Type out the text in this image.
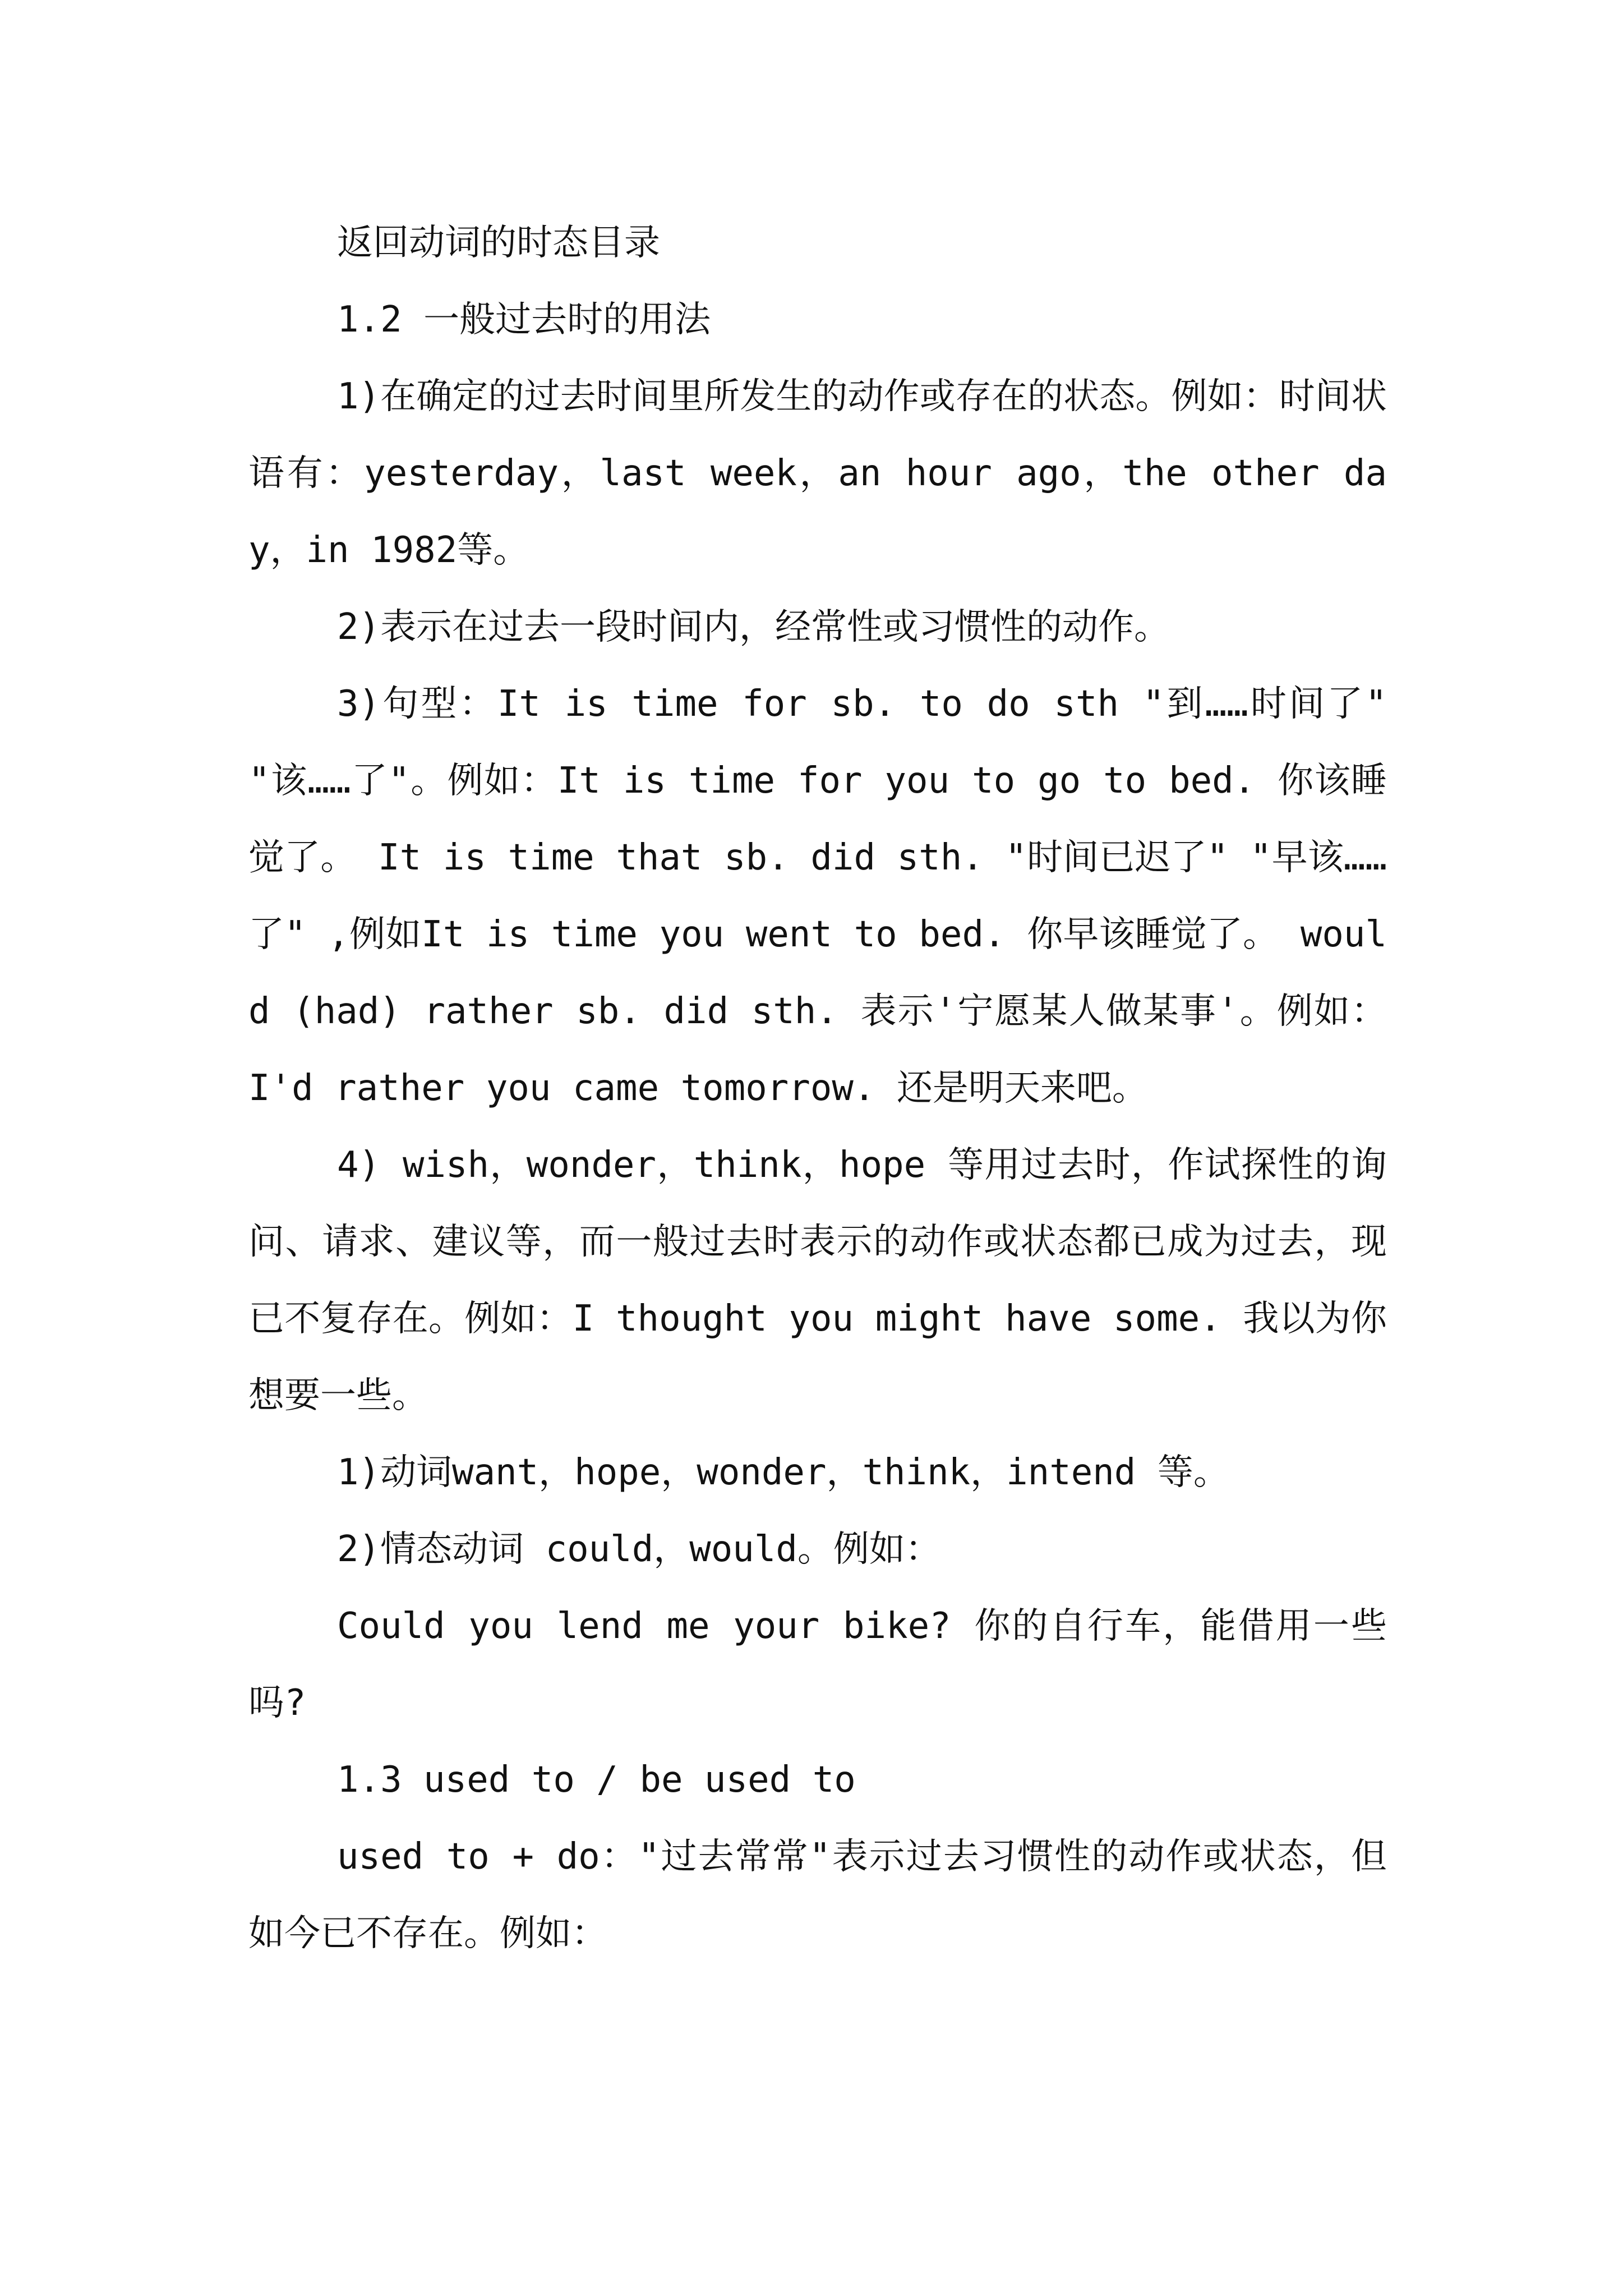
返回动词的时态目录

1.2 一般过去时的用法

1)在确定的过去时间里所发生的动作或存在的状态。例如：时间状语有：yesterday，last week，an hour ago，the other day，in 1982等。

2)表示在过去一段时间内，经常性或习惯性的动作。

3)句型：It is time for sb. to do sth "到……时间了" "该……了"。例如：It is time for you to go to bed. 你该睡觉了。 It is time that sb. did sth. "时间已迟了" "早该……了" ,例如It is time you went to bed. 你早该睡觉了。 would (had) rather sb. did sth. 表示'宁愿某人做某事'。例如：I'd rather you came tomorrow. 还是明天来吧。

4) wish，wonder，think，hope 等用过去时，作试探性的询问、请求、建议等，而一般过去时表示的动作或状态都已成为过去，现已不复存在。例如：I thought you might have some. 我以为你想要一些。

1)动词want，hope，wonder，think，intend 等。

2)情态动词 could，would。例如：

Could you lend me your bike? 你的自行车，能借用一些吗?

1.3 used to / be used to

used to + do："过去常常"表示过去习惯性的动作或状态，但如今已不存在。例如：
